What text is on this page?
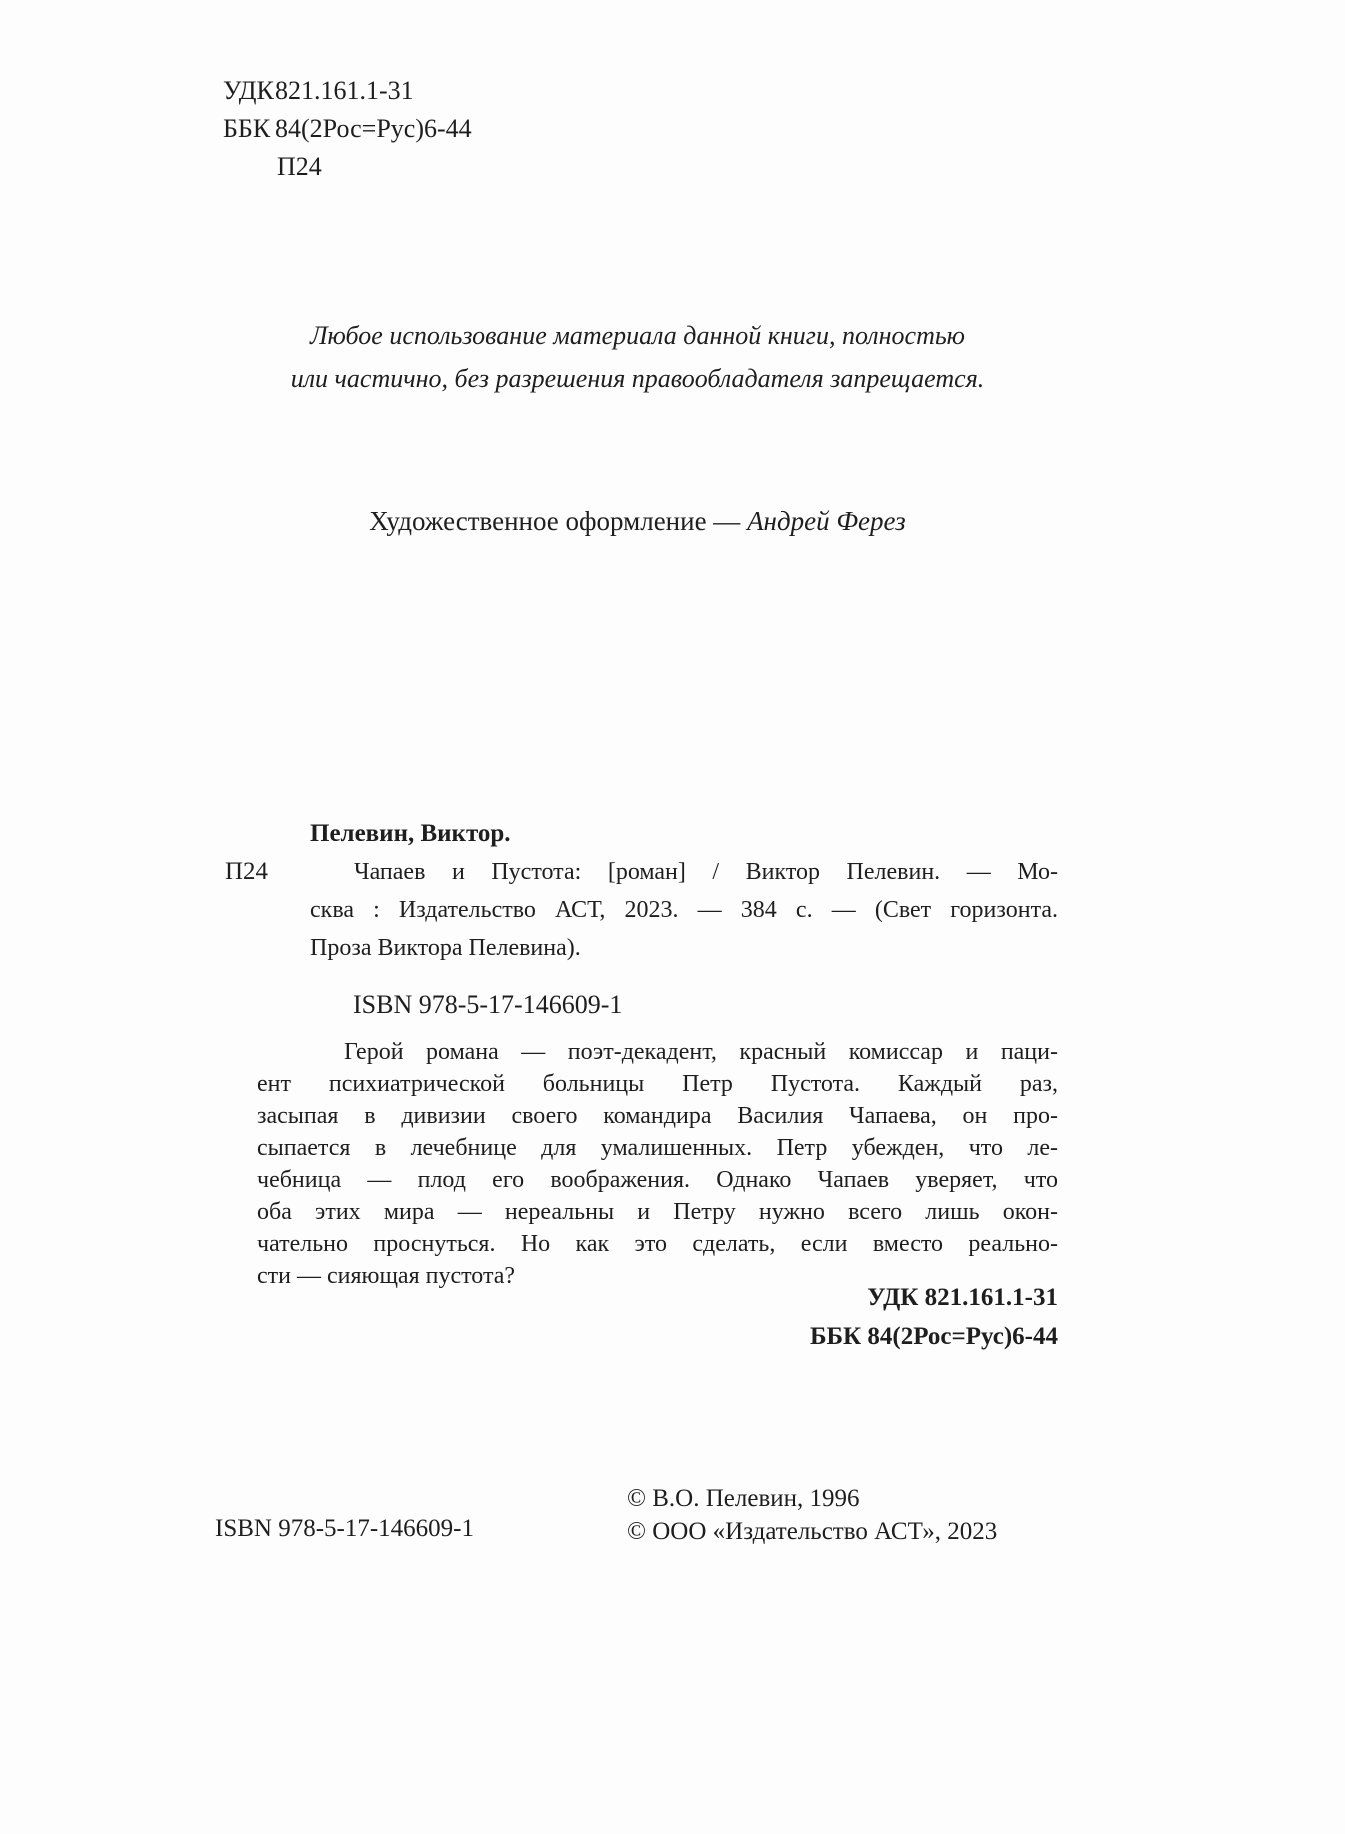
УДК821.161.1-31
ББК 84(2Рос=Рус)6-44
П24
Любое использование материала данной книги, полностью
или частично, без разрешения правообладателя запрещается.
Художественное оформление — Андрей Ферез
П24
Пелевин, Виктор.
Чапаев и Пустота: [роман] / Виктор Пелевин. — Мо-
сква : Издательство АСТ, 2023. — 384 с. — (Свет горизонта.
Проза Виктора Пелевина).
ISBN 978-5-17-146609-1
Герой романа — поэт-декадент, красный комиссар и паци-
ент психиатрической больницы Петр Пустота. Каждый раз,
засыпая в дивизии своего командира Василия Чапаева, он про-
сыпается в лечебнице для умалишенных. Петр убежден, что ле-
чебница — плод его воображения. Однако Чапаев уверяет, что
оба этих мира — нереальны и Петру нужно всего лишь окон-
чательно проснуться. Но как это сделать, если вместо реально-
сти — сияющая пустота?
УДК 821.161.1-31
ББК 84(2Рос=Рус)6-44
ISBN 978-5-17-146609-1
© В.О. Пелевин, 1996
© ООО «Издательство АСТ», 2023
